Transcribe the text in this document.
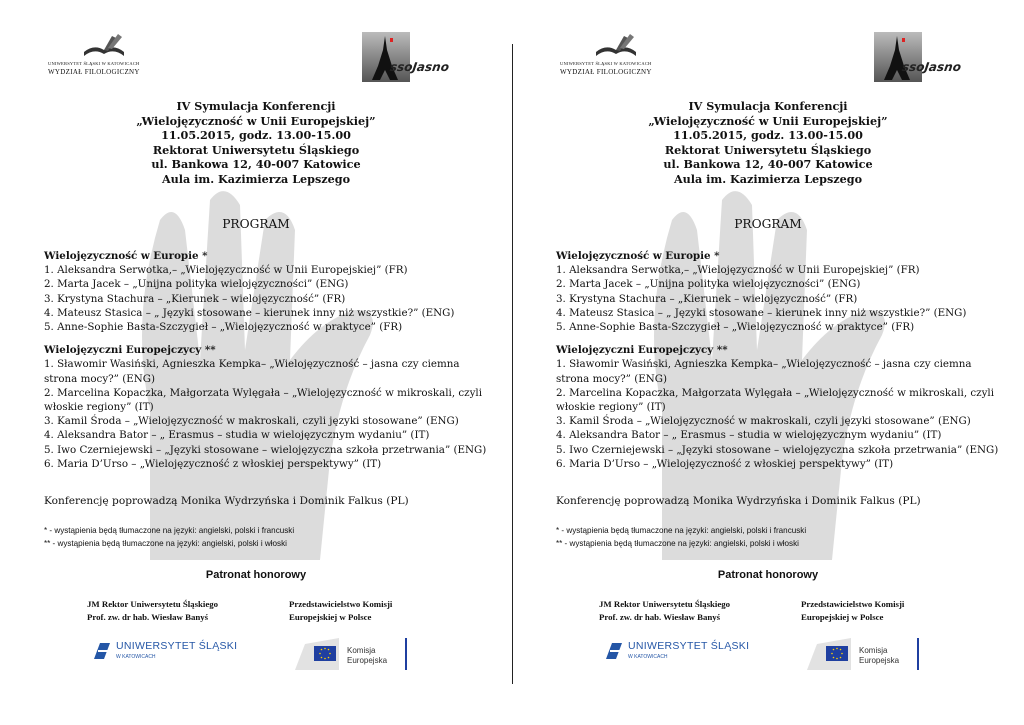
UNIWERSYTET ŚLĄSKI W KATOWICACH
WYDZIAŁ FILOLOGICZNY	ssoJasno
IV Symulacja Konferencji
„Wielojęzyczność w Unii Europejskiej”
11.05.2015, godz. 13.00-15.00
Rektorat Uniwersytetu Śląskiego
ul. Bankowa 12, 40-007 Katowice
Aula im. Kazimierza Lepszego
PROGRAM
Wielojęzyczność w Europie *
1. Aleksandra Serwotka,– „Wielojęzyczność w Unii Europejskiej” (FR)
2. Marta Jacek – „Unijna polityka wielojęzyczności” (ENG)
3. Krystyna Stachura – „Kierunek – wielojęzyczność” (FR)
4. Mateusz Stasica – „ Języki stosowane – kierunek inny niż wszystkie?” (ENG)
5. Anne-Sophie Basta-Szczygieł – „Wielojęzyczność w praktyce” (FR)
Wielojęzyczni Europejczycy **
1. Sławomir Wasiński, Agnieszka Kempka– „Wielojęzyczność – jasna czy ciemna
strona mocy?” (ENG)
2. Marcelina Kopaczka, Małgorzata Wylęgała – „Wielojęzyczność w mikroskali, czyli
włoskie regiony” (IT)
3. Kamil Środa – „Wielojęzyczność w makroskali, czyli języki stosowane” (ENG)
4. Aleksandra Bator – „ Erasmus – studia w wielojęzycznym wydaniu” (IT)
5. Iwo Czerniejewski – „Języki stosowane – wielojęzyczna szkoła przetrwania” (ENG)
6. Maria D’Urso – „Wielojęzyczność z włoskiej perspektywy” (IT)
Konferencję poprowadzą Monika Wydrzyńska i Dominik Falkus (PL)
* - wystąpienia będą tłumaczone na języki: angielski, polski i francuski
** - wystąpienia będą tłumaczone na języki: angielski, polski i włoski
Patronat honorowy
JM Rektor Uniwersytetu Śląskiego
Prof. zw. dr hab. Wiesław Banyś
Przedstawicielstwo Komisji
Europejskiej w Polsce
UNIWERSYTET ŚLĄSKI
W KATOWICACH
Komisja
Europejska
UNIWERSYTET ŚLĄSKI W KATOWICACH
WYDZIAŁ FILOLOGICZNY	ssoJasno
IV Symulacja Konferencji
„Wielojęzyczność w Unii Europejskiej”
11.05.2015, godz. 13.00-15.00
Rektorat Uniwersytetu Śląskiego
ul. Bankowa 12, 40-007 Katowice
Aula im. Kazimierza Lepszego
PROGRAM
Wielojęzyczność w Europie *
1. Aleksandra Serwotka,– „Wielojęzyczność w Unii Europejskiej” (FR)
2. Marta Jacek – „Unijna polityka wielojęzyczności” (ENG)
3. Krystyna Stachura – „Kierunek – wielojęzyczność” (FR)
4. Mateusz Stasica – „ Języki stosowane – kierunek inny niż wszystkie?” (ENG)
5. Anne-Sophie Basta-Szczygieł – „Wielojęzyczność w praktyce” (FR)
Wielojęzyczni Europejczycy **
1. Sławomir Wasiński, Agnieszka Kempka– „Wielojęzyczność – jasna czy ciemna
strona mocy?” (ENG)
2. Marcelina Kopaczka, Małgorzata Wylęgała – „Wielojęzyczność w mikroskali, czyli
włoskie regiony” (IT)
3. Kamil Środa – „Wielojęzyczność w makroskali, czyli języki stosowane” (ENG)
4. Aleksandra Bator – „ Erasmus – studia w wielojęzycznym wydaniu” (IT)
5. Iwo Czerniejewski – „Języki stosowane – wielojęzyczna szkoła przetrwania” (ENG)
6. Maria D’Urso – „Wielojęzyczność z włoskiej perspektywy” (IT)
Konferencję poprowadzą Monika Wydrzyńska i Dominik Falkus (PL)
* - wystąpienia będą tłumaczone na języki: angielski, polski i francuski
** - wystąpienia będą tłumaczone na języki: angielski, polski i włoski
Patronat honorowy
JM Rektor Uniwersytetu Śląskiego
Prof. zw. dr hab. Wiesław Banyś
Przedstawicielstwo Komisji
Europejskiej w Polsce
UNIWERSYTET ŚLĄSKI
W KATOWICACH
Komisja
Europejska
